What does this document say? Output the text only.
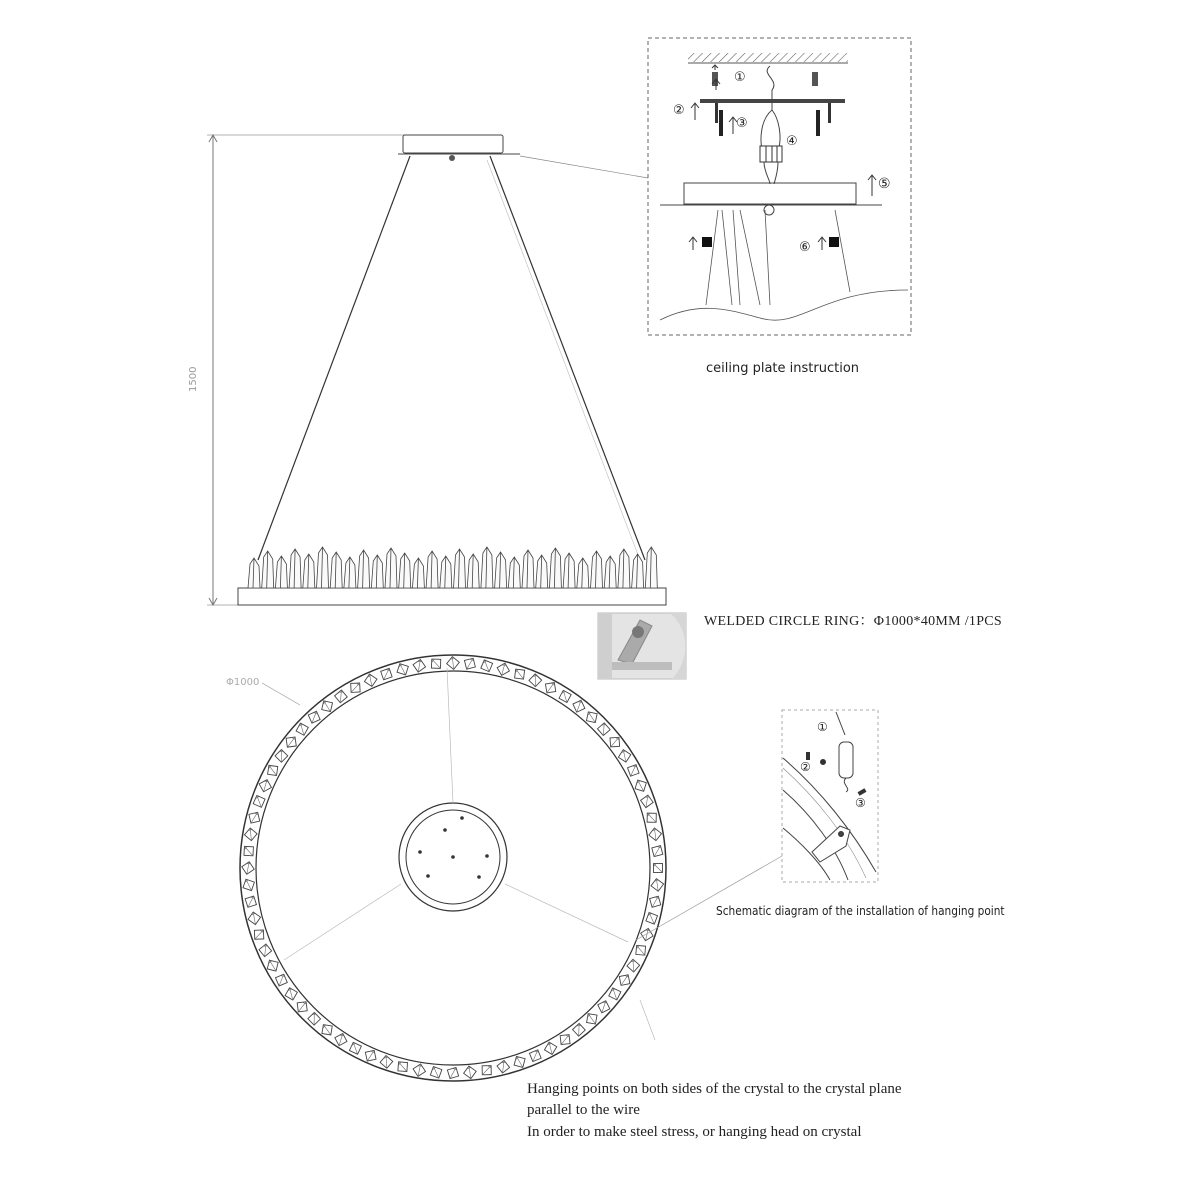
1500	ceiling plate instruction
①
②
③
④
⑤
⑥
WELDED CIRCLE RING：Φ1000*40MM /1PCS
Φ1000
Schematic diagram of the installation of hanging point
①
②
③
Hanging points on both sides of the crystal to the crystal plane
parallel to the wire
In order to make steel stress, or hanging head on crystal
